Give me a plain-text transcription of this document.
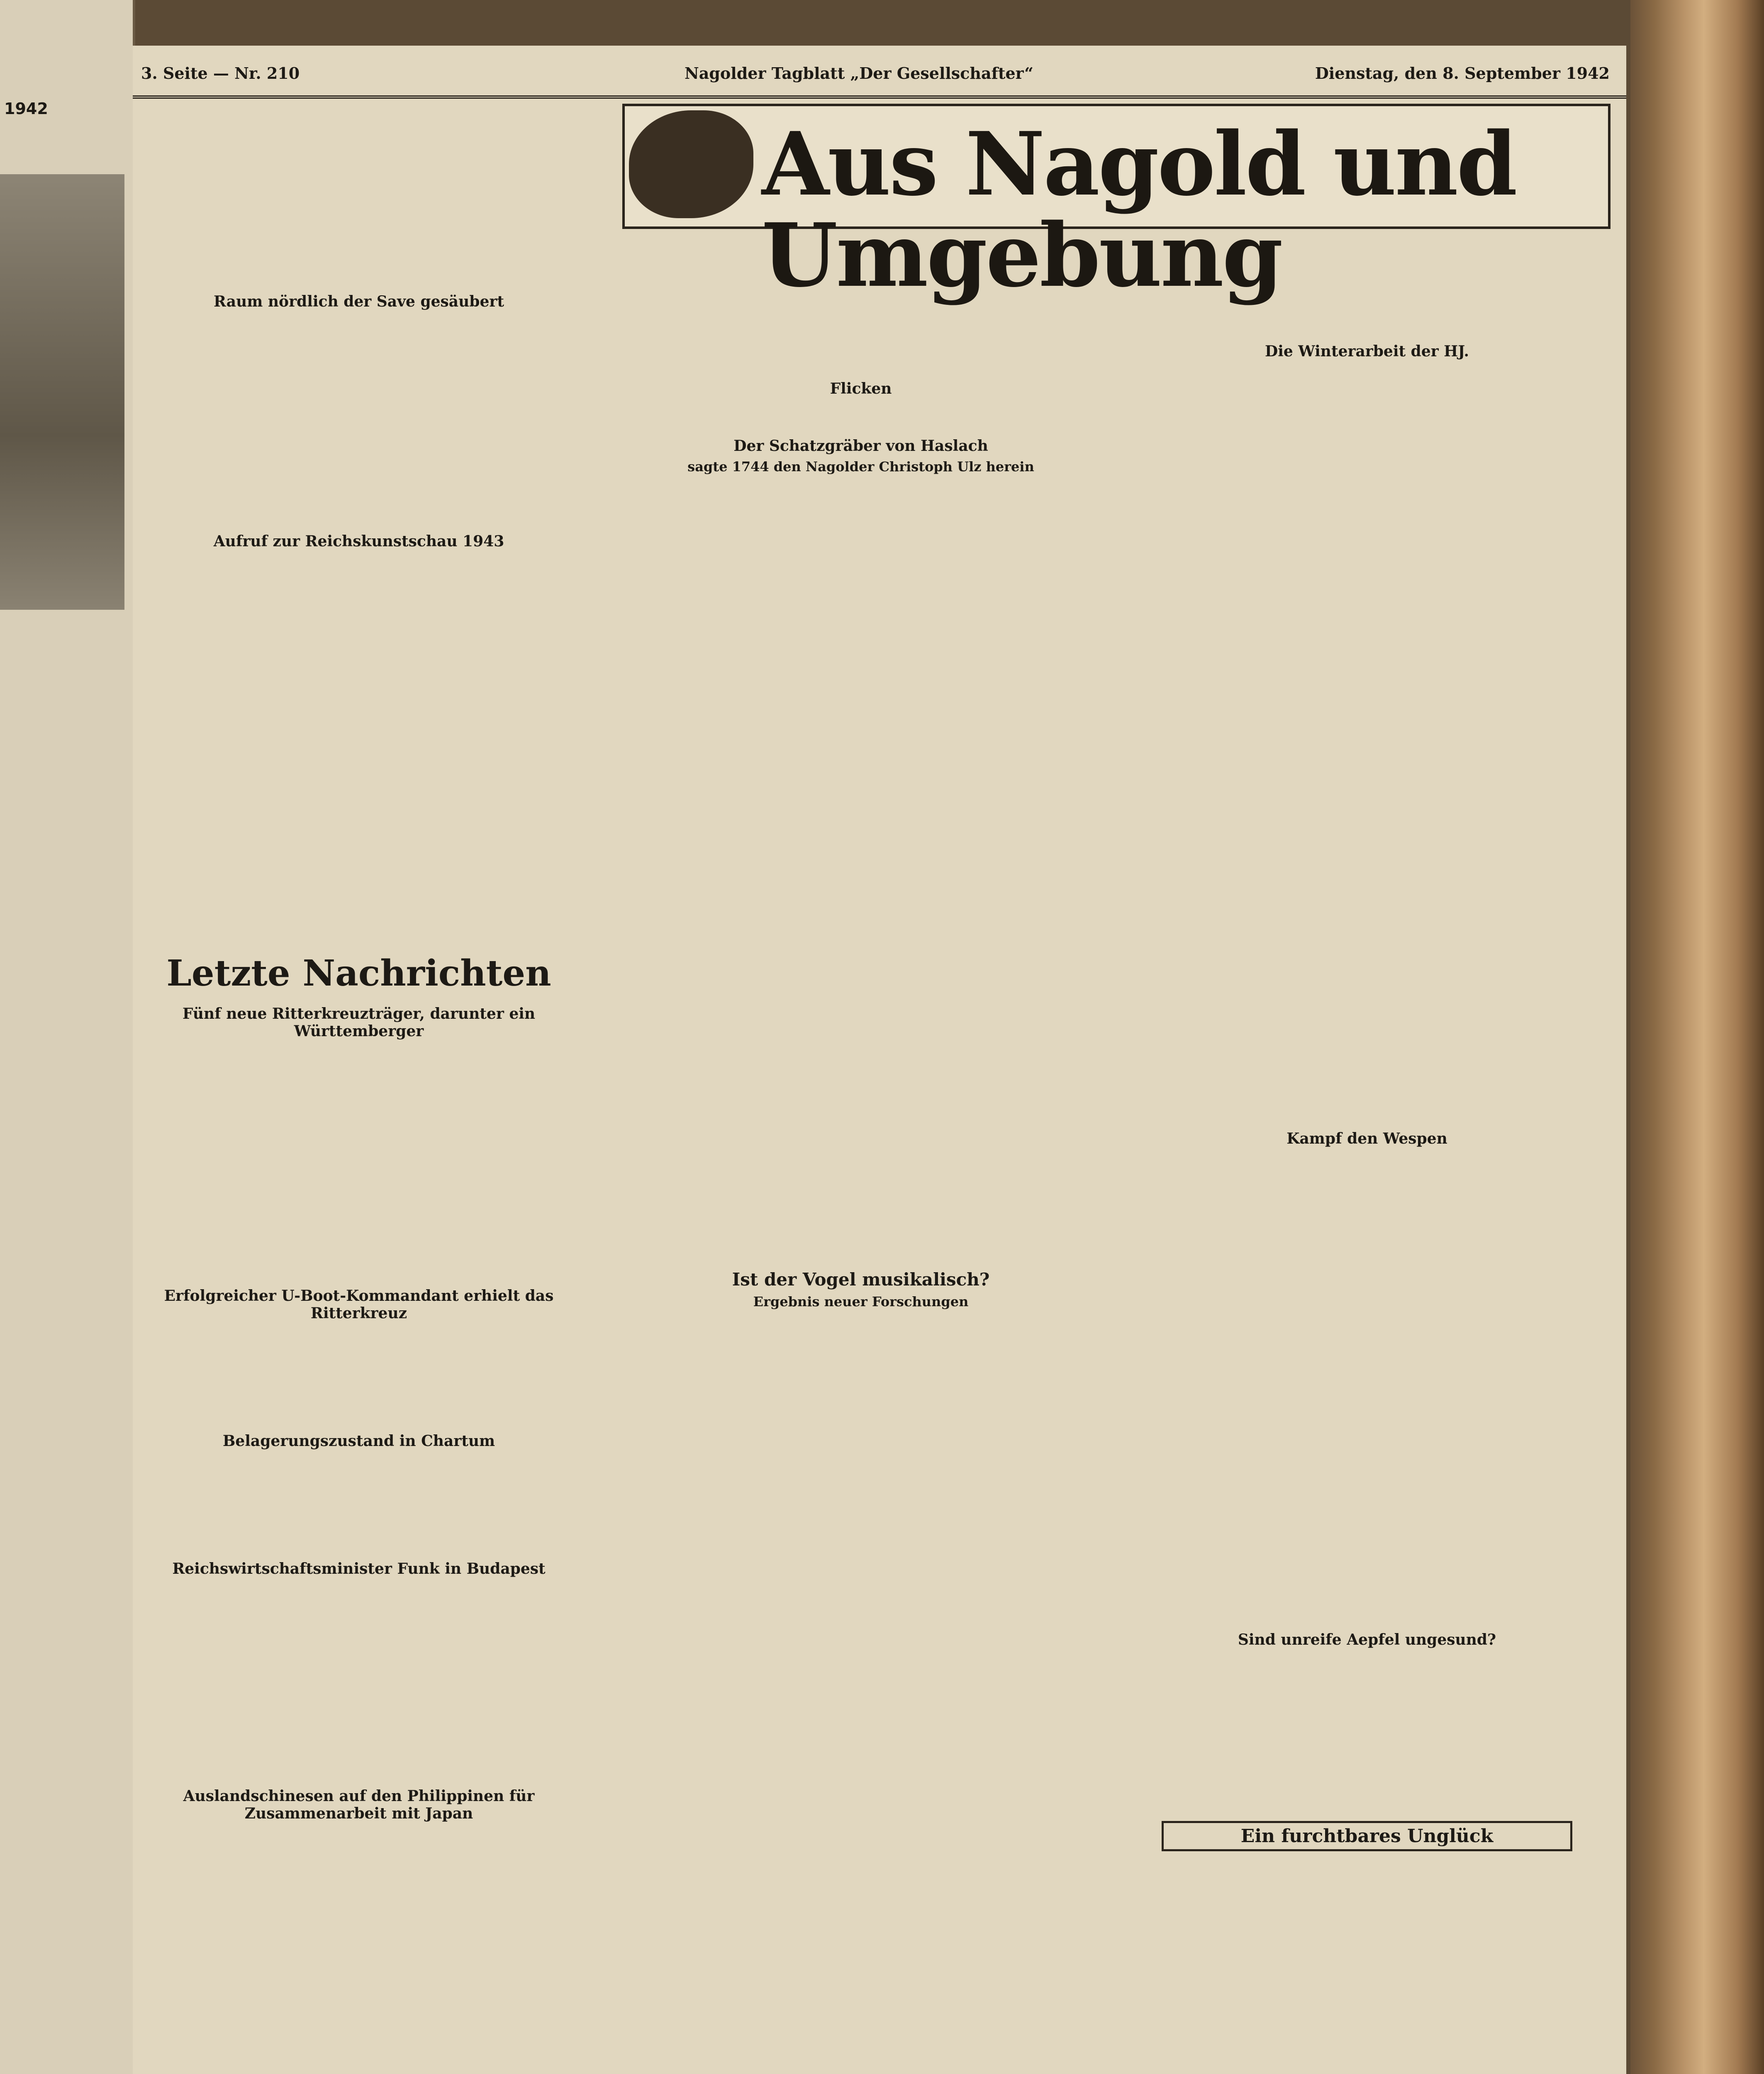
1942
3. Seite — Nr. 210	Nagolder Tagblatt „Der Gesellschafter“	Dienstag, den 8. September 1942
Aus Nagold und Umgebung
Raum nördlich der Save gesäubert
Aufruf zur Reichskunstschau 1943
Letzte Nachrichten
Fünf neue Ritterkreuzträger, darunter ein Württemberger
Erfolgreicher U-Boot-Kommandant erhielt das Ritterkreuz
Belagerungszustand in Chartum
Reichswirtschaftsminister Funk in Budapest
Auslandschinesen auf den Philippinen für Zusammenarbeit mit Japan
Flicken
Der Schatzgräber von Haslach
sagte 1744 den Nagolder Christoph Ulz herein
Ist der Vogel musikalisch?
Ergebnis neuer Forschungen
Die Winterarbeit der HJ.
Kampf den Wespen
Sind unreife Aepfel ungesund?
Ein furchtbares Unglück
